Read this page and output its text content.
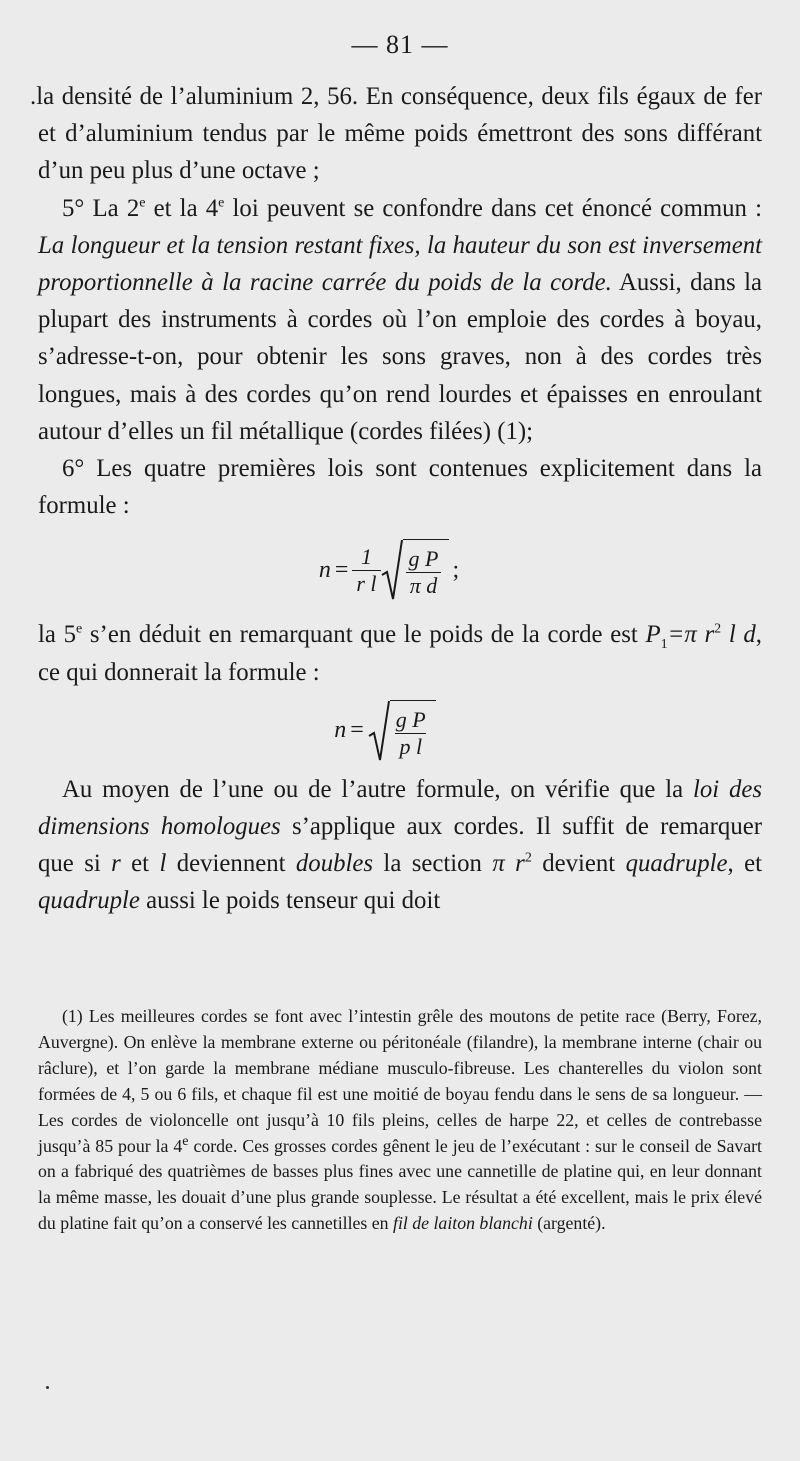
— 81 —

.la densité de l’aluminium 2, 56. En conséquence, deux fils égaux de fer et d’aluminium tendus par le même poids émettront des sons différant d’un peu plus d’une octave ;

5° La 2e et la 4e loi peuvent se confondre dans cet énoncé commun : La longueur et la tension restant fixes, la hauteur du son est inversement proportionnelle à la racine carrée du poids de la corde. Aussi, dans la plupart des instruments à cordes où l’on emploie des cordes à boyau, s’adresse-t-on, pour obtenir les sons graves, non à des cordes très longues, mais à des cordes qu’on rend lourdes et épaisses en enroulant autour d’elles un fil métallique (cordes filées) (1);

6° Les quatre premières lois sont contenues explicitement dans la formule :

$n = \frac{1}{\text{r l}} \frac{\text{g P}}{\text{π d}}$ ;

la 5e s’en déduit en remarquant que le poids de la corde est $P_1=\pi$ $r^2$ l d, ce qui donnerait la formule :

$n = \frac{\text{g P}}{\text{p l}}$

Au moyen de l’une ou de l’autre formule, on vérifie que la loi des dimensions homologues s’applique aux cordes. Il suffit de remarquer que si r et l deviennent doubles la section π $r^2$ devient quadruple, et quadruple aussi le poids tenseur qui doit

(1) Les meilleures cordes se font avec l’intestin grêle des moutons de petite race (Berry, Forez, Auvergne). On enlève la membrane externe ou péritonéale (filandre), la membrane interne (chair ou râclure), et l’on garde la membrane médiane musculo-fibreuse. Les chanterelles du violon sont formées de 4, 5 ou 6 fils, et chaque fil est une moitié de boyau fendu dans le sens de sa longueur. — Les cordes de violoncelle ont jusqu’à 10 fils pleins, celles de harpe 22, et celles de contrebasse jusqu’à 85 pour la 4e corde. Ces grosses cordes gênent le jeu de l’exécutant : sur le conseil de Savart on a fabriqué des quatrièmes de basses plus fines avec une cannetille de platine qui, en leur donnant la même masse, les douait d’une plus grande souplesse. Le résultat a été excellent, mais le prix élevé du platine fait qu’on a conservé les cannetilles en fil de laiton blanchi (argenté).
